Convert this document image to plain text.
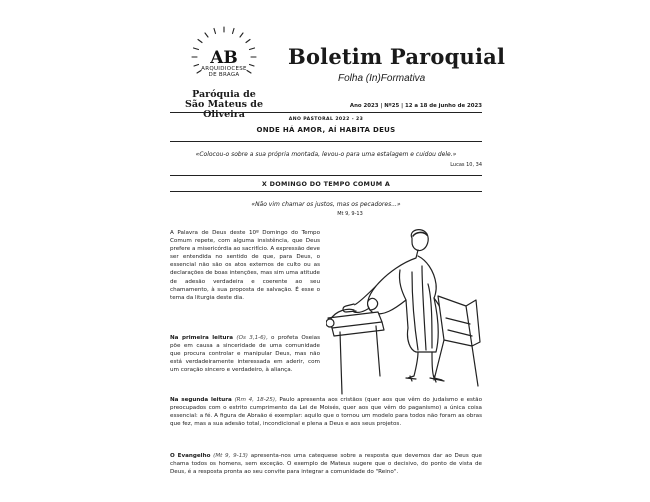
AB
ARQUIDIOCESE
DE BRAGA
Paróquia de
São Mateus de Oliveira
Boletim Paroquial
Folha (In)Formativa
Ano 2023 | Nº25 | 12 a 18 de junho de 2023
ANO PASTORAL 2022 - 23
ONDE HÁ AMOR, AÍ HABITA DEUS
«Colocou-o sobre a sua própria montada, levou-o para uma estalagem e cuidou dele.»
Lucas 10, 34
X DOMINGO DO TEMPO COMUM A
«Não vim chamar os justos, mas os pecadores...»
Mt 9, 9-13
A Palavra de Deus deste 10º Domingo do Tempo Comum repete, com alguma insistência, que Deus prefere a misericórdia ao sacrifício. A expressão deve ser entendida no sentido de que, para Deus, o essencial não são os atos externos de culto ou as declarações de boas intenções, mas sim uma atitude de adesão verdadeira e coerente ao seu chamamento, à sua proposta de salvação. É esse o tema da liturgia deste dia.
Na primeira leitura (Os 3,1-6), o profeta Oseias põe em causa a sinceridade de uma comunidade que procura controlar e manipular Deus, mas não está verdadeiramente interessada em aderir, com um coração sincero e verdadeiro, à aliança.
Na segunda leitura (Rm 4, 18-25), Paulo apresenta aos cristãos (quer aos que vêm do judaísmo e estão preocupados com o estrito cumprimento da Lei de Moisés, quer aos que vêm do paganismo) a única coisa essencial: a fé. A figura de Abraão é exemplar: aquilo que o tornou um modelo para todos não foram as obras que fez, mas a sua adesão total, incondicional e plena a Deus e aos seus projetos.
O Evangelho (Mt 9, 9-13) apresenta-nos uma catequese sobre a resposta que devemos dar ao Deus que chama todos os homens, sem exceção. O exemplo de Mateus sugere que o decisivo, do ponto de vista de Deus, é a resposta pronta ao seu convite para integrar a comunidade do "Reino".
